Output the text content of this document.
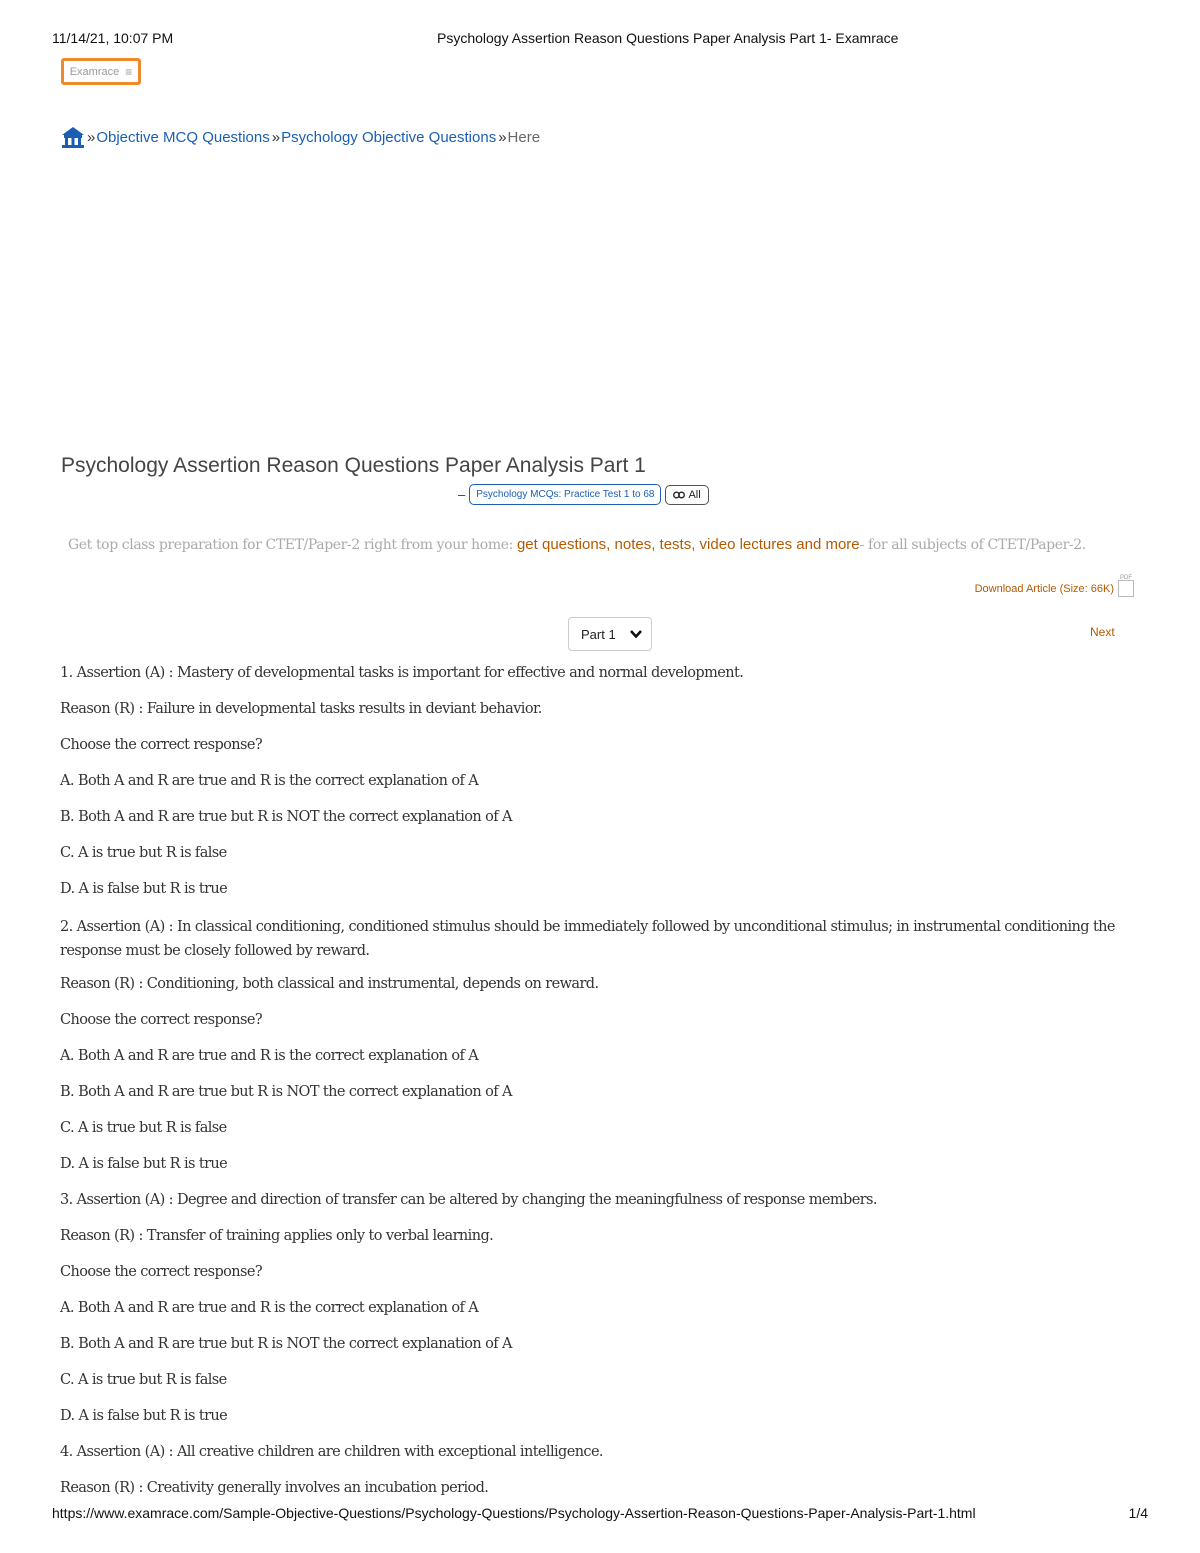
11/14/21, 10:07 PM	Psychology Assertion Reason Questions Paper Analysis Part 1- Examrace
Examrace ≡
» Objective MCQ Questions » Psychology Objective Questions » Here
Psychology Assertion Reason Questions Paper Analysis Part 1
–	Psychology MCQs: Practice Test 1 to 68	All
Get top class preparation for CTET/Paper-2 right from your home: get questions, notes, tests, video lectures and more- for all subjects of CTET/Paper-2.
Download Article (Size: 66K)
PDF
Part 1	Next

1. Assertion (A) : Mastery of developmental tasks is important for effective and normal development.

Reason (R) : Failure in developmental tasks results in deviant behavior.

Choose the correct response?

A. Both A and R are true and R is the correct explanation of A

B. Both A and R are true but R is NOT the correct explanation of A

C. A is true but R is false

D. A is false but R is true

2. Assertion (A) : In classical conditioning, conditioned stimulus should be immediately followed by unconditional stimulus; in instrumental conditioning the response must be closely followed by reward.

Reason (R) : Conditioning, both classical and instrumental, depends on reward.

Choose the correct response?

A. Both A and R are true and R is the correct explanation of A

B. Both A and R are true but R is NOT the correct explanation of A

C. A is true but R is false

D. A is false but R is true

3. Assertion (A) : Degree and direction of transfer can be altered by changing the meaningfulness of response members.

Reason (R) : Transfer of training applies only to verbal learning.

Choose the correct response?

A. Both A and R are true and R is the correct explanation of A

B. Both A and R are true but R is NOT the correct explanation of A

C. A is true but R is false

D. A is false but R is true

4. Assertion (A) : All creative children are children with exceptional intelligence.

Reason (R) : Creativity generally involves an incubation period.

https://www.examrace.com/Sample-Objective-Questions/Psychology-Questions/Psychology-Assertion-Reason-Questions-Paper-Analysis-Part-1.html	1/4
